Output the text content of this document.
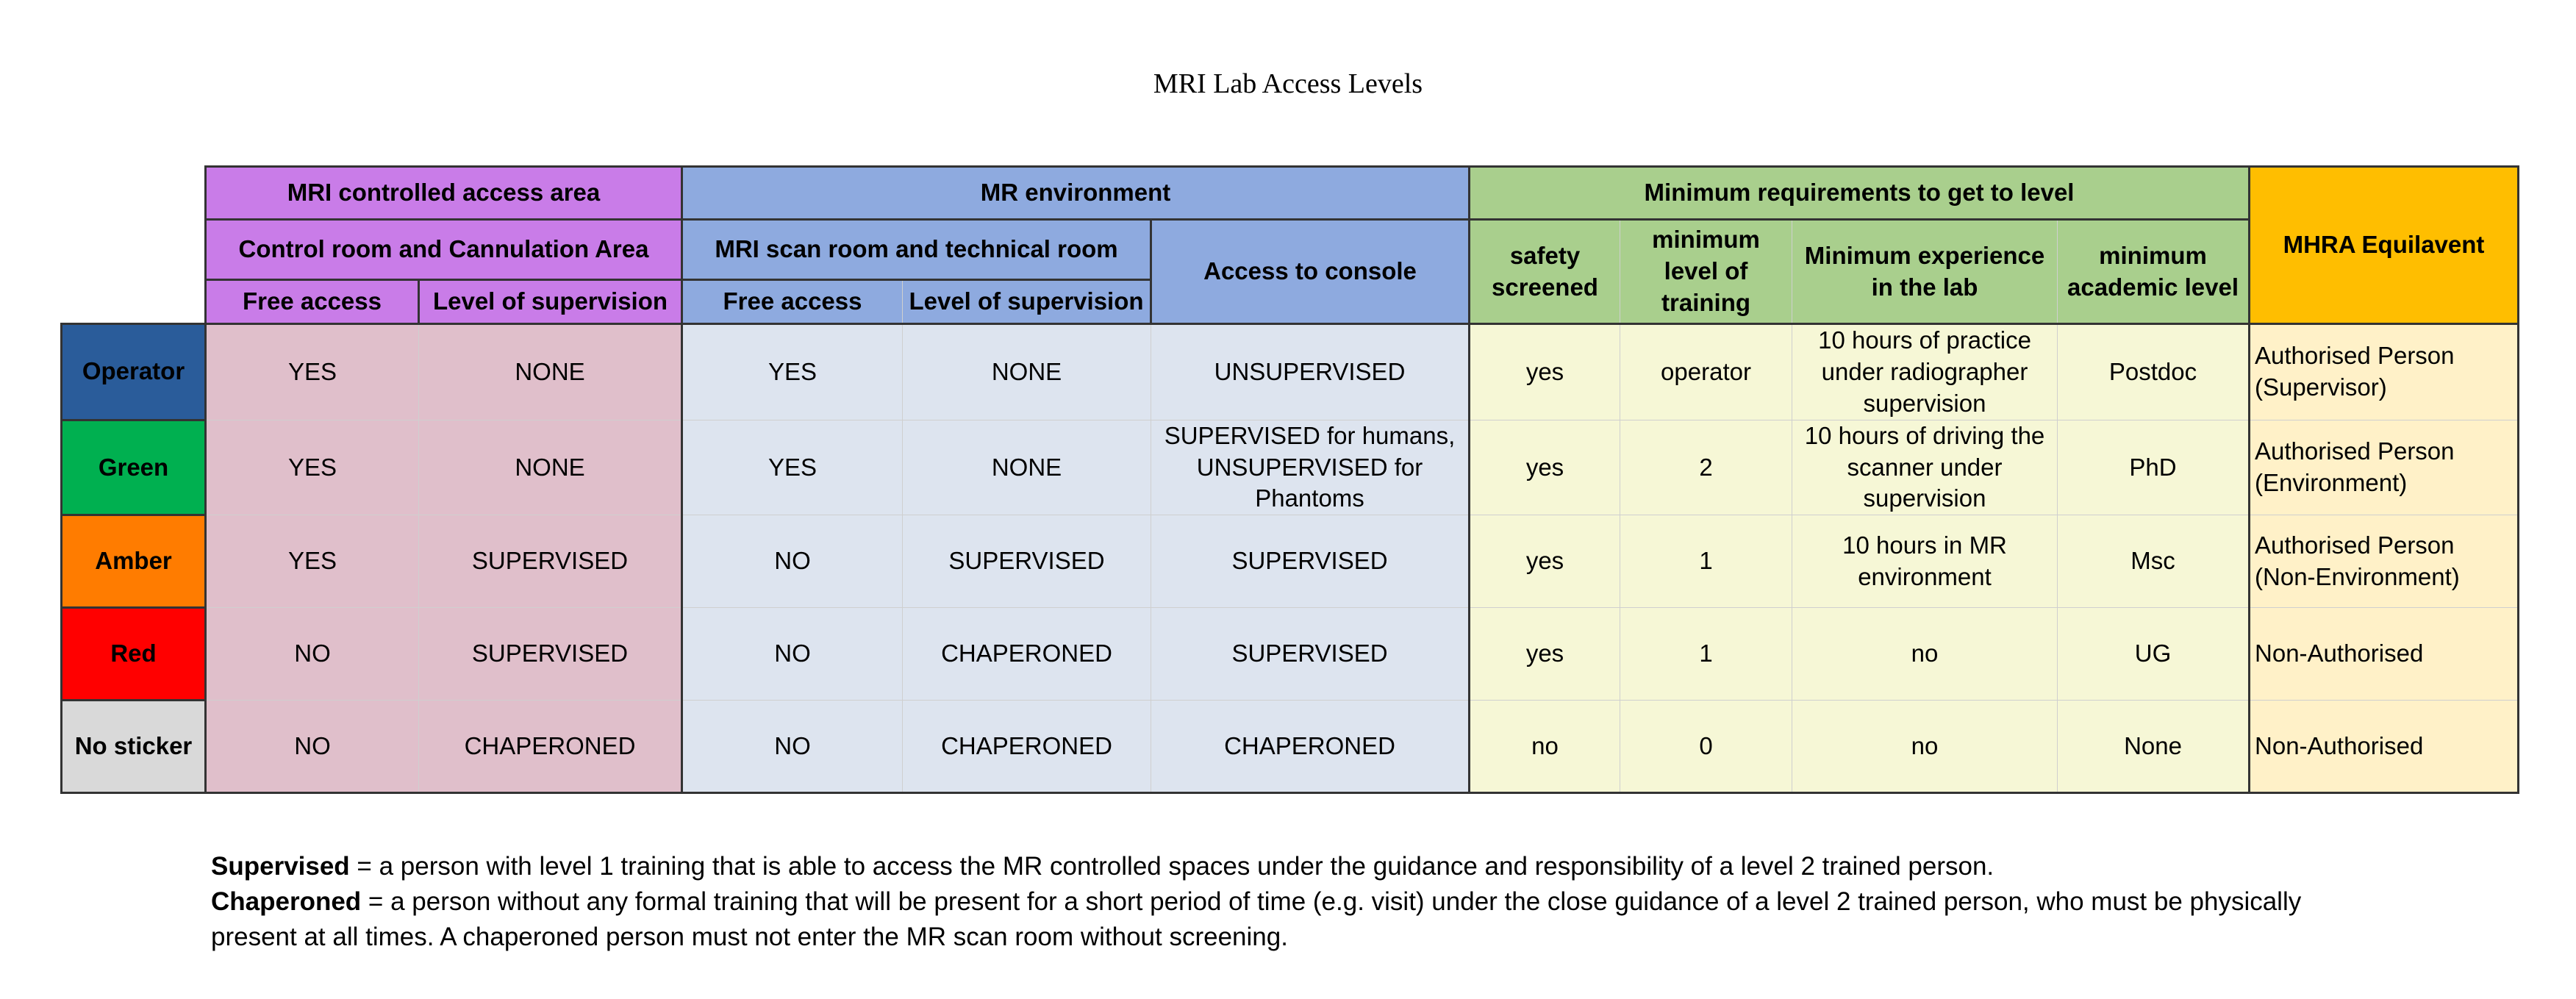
MRI Lab Access Levels
	MRI controlled access area		MR environment			Minimum requirements to get to level				MHRA Equilavent
	Control room and Cannulation Area		MRI scan room and technical room		Access to console	safety screened	minimum level of training	Minimum experience in the lab	minimum academic level	
	Free access	Level of supervision	Free access	Level of supervision						
Operator	YES	NONE	YES	NONE	UNSUPERVISED	yes	operator	10 hours of practice under radiographer supervision	Postdoc	Authorised Person (Supervisor)
Green	YES	NONE	YES	NONE	SUPERVISED for humans, UNSUPERVISED for Phantoms	yes	2	10 hours of driving the scanner under supervision	PhD	Authorised Person (Environment)
Amber	YES	SUPERVISED	NO	SUPERVISED	SUPERVISED	yes	1	10 hours in MR environment	Msc	Authorised Person (Non-Environment)
Red	NO	SUPERVISED	NO	CHAPERONED	SUPERVISED	yes	1	no	UG	Non-Authorised
No sticker	NO	CHAPERONED	NO	CHAPERONED	CHAPERONED	no	0	no	None	Non-Authorised
Supervised = a person with level 1 training that is able to access the MR controlled spaces under the guidance and responsibility of a level 2 trained person.
Chaperoned = a person without any formal training that will be present for a short period of time (e.g. visit) under the close guidance of a level 2 trained person, who must be physically present at all times. A chaperoned person must not enter the MR scan room without screening.
